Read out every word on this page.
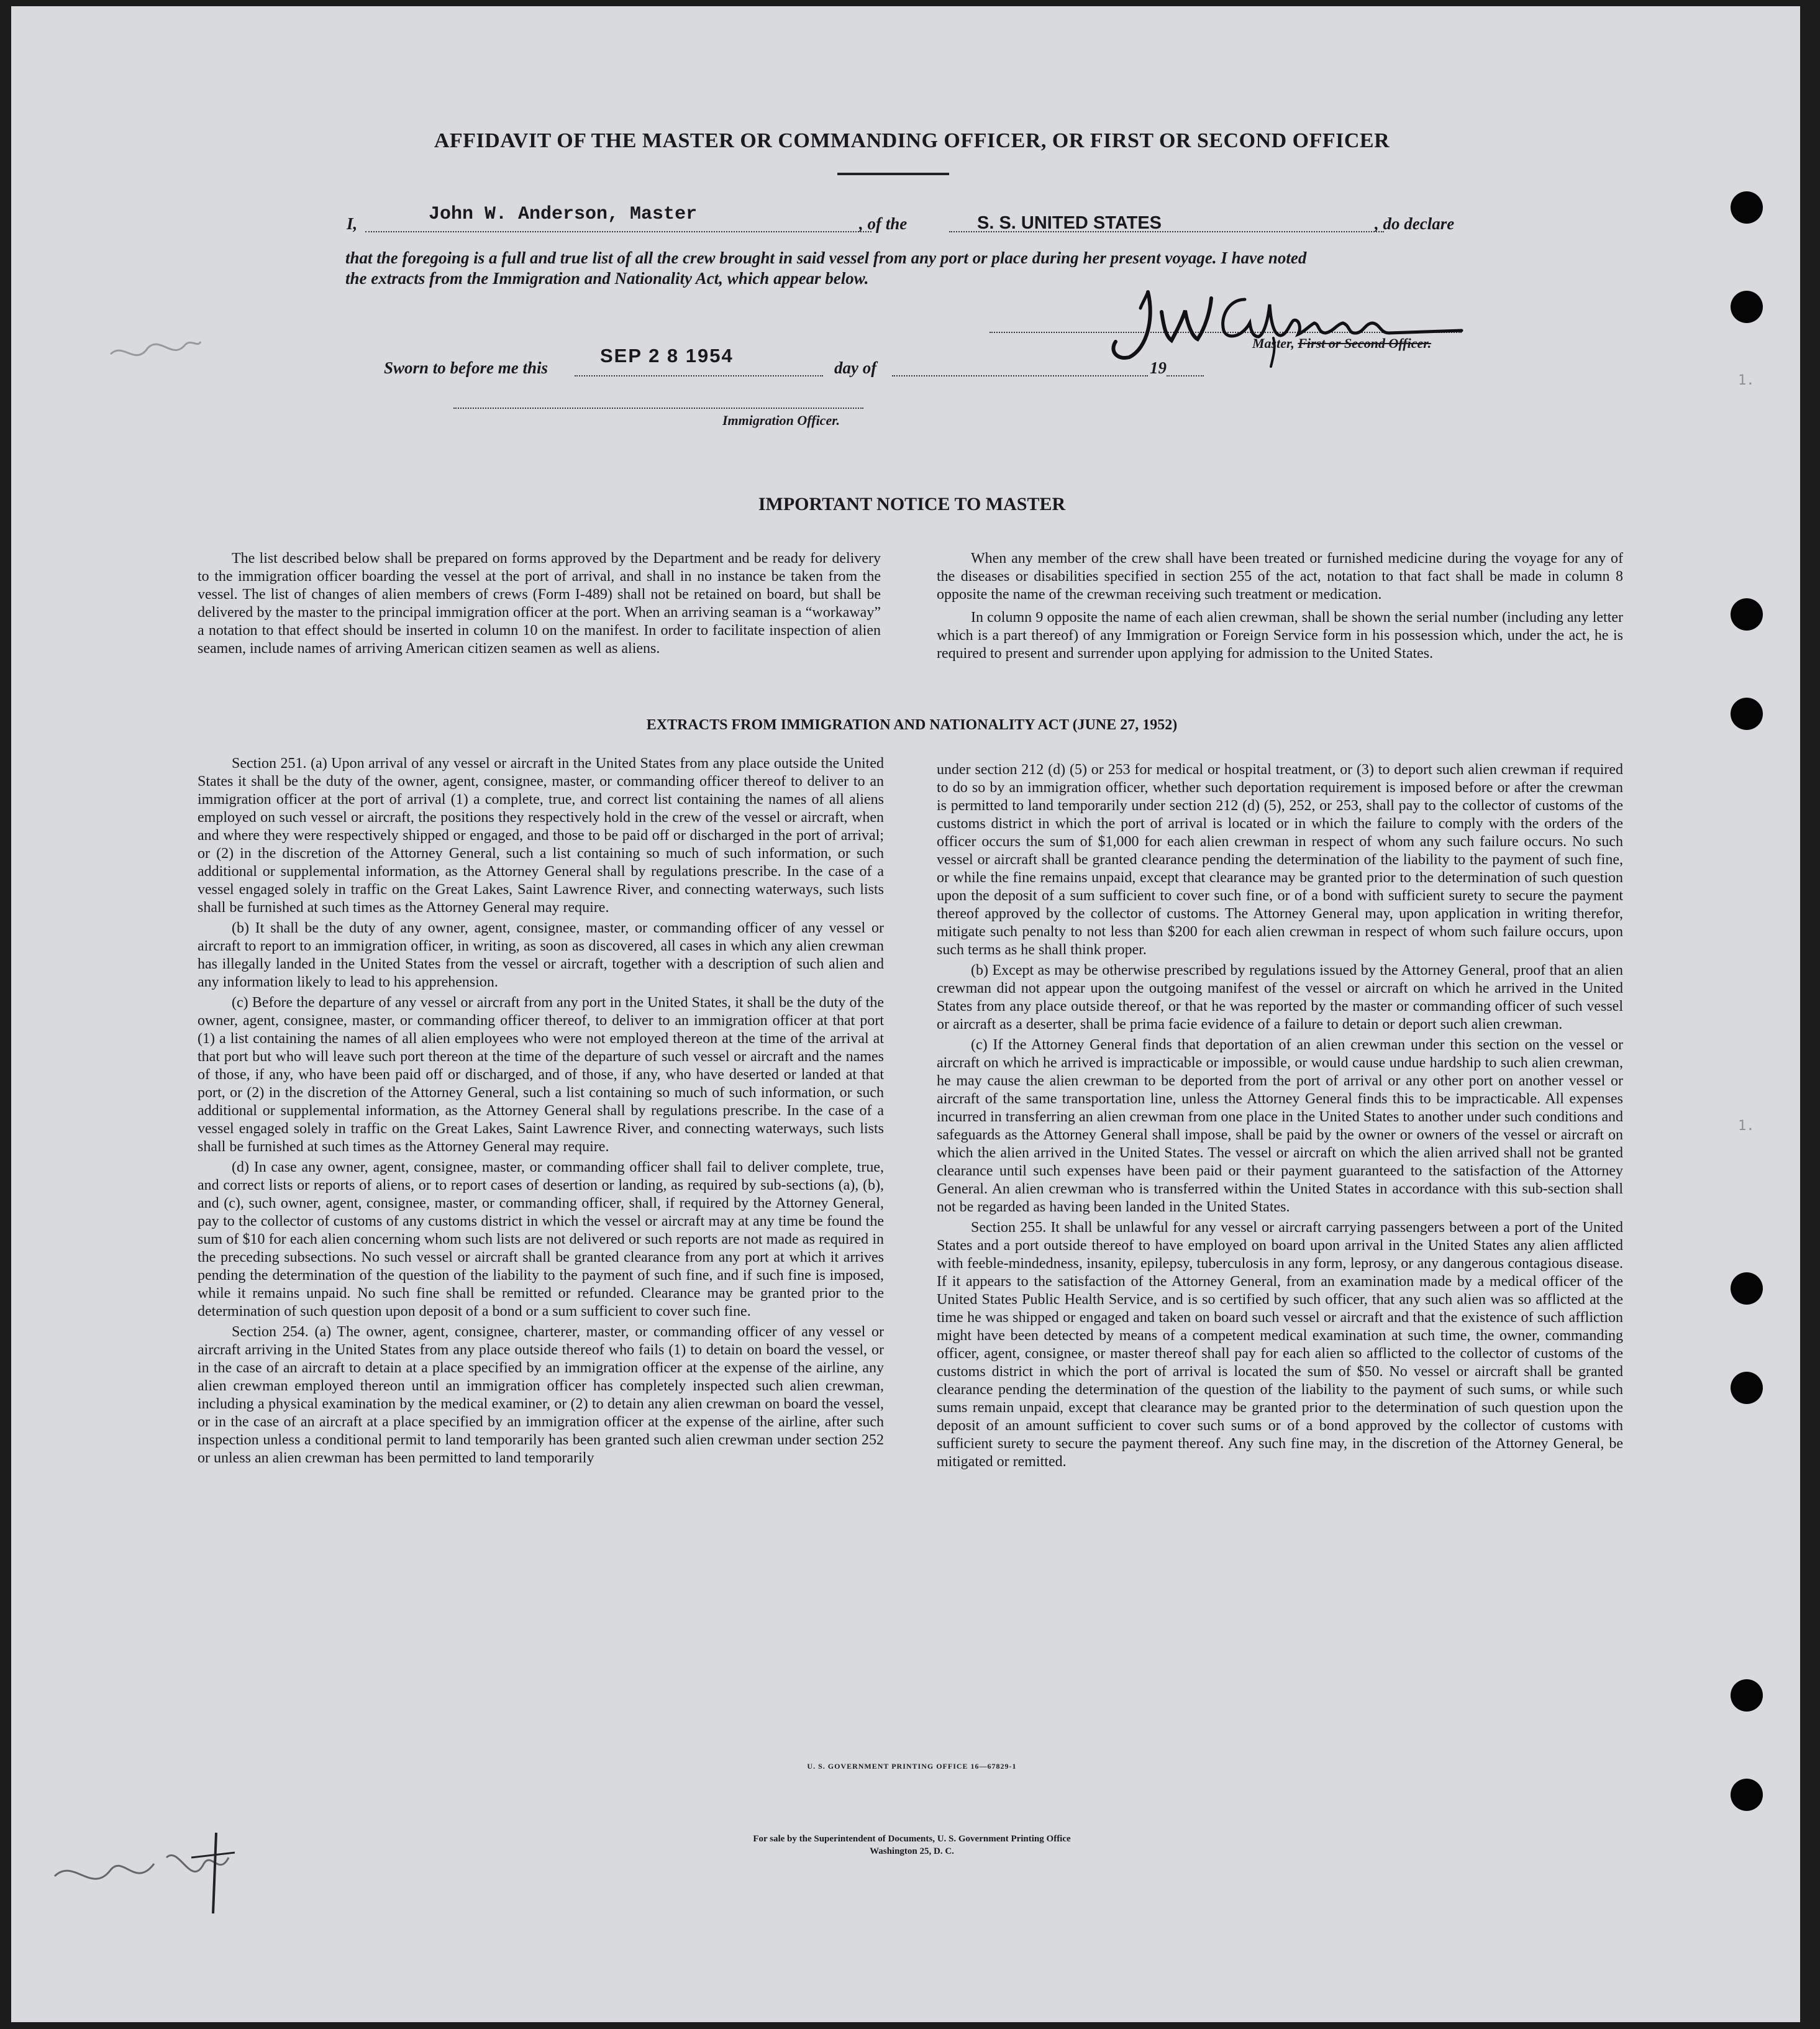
AFFIDAVIT OF THE MASTER OR COMMANDING OFFICER, OR FIRST OR SECOND OFFICER
I,	John W. Anderson, Master	, of the	S. S. UNITED STATES	, do declare
that the foregoing is a full and true list of all the crew brought in said vessel from any port or place during her present voyage. I have noted
the extracts from the Immigration and Nationality Act, which appear below.
Master, First or Second Officer.
Sworn to before me this
SEP 2 8 1954
day of	19
Immigration Officer.
IMPORTANT NOTICE TO MASTER

The list described below shall be prepared on forms approved by the Department and be ready for delivery to the immigration officer boarding the vessel at the port of arrival, and shall in no instance be taken from the vessel. The list of changes of alien members of crews (Form I-489) shall not be retained on board, but shall be delivered by the master to the principal immigration officer at the port. When an arriving seaman is a “workaway” a notation to that effect should be inserted in column 10 on the manifest. In order to facilitate inspection of alien seamen, include names of arriving American citizen seamen as well as aliens.

When any member of the crew shall have been treated or furnished medicine during the voyage for any of the diseases or disabilities specified in section 255 of the act, notation to that fact shall be made in column 8 opposite the name of the crewman receiving such treatment or medication.

In column 9 opposite the name of each alien crewman, shall be shown the serial number (including any letter which is a part thereof) of any Immigration or Foreign Service form in his possession which, under the act, he is required to present and surrender upon applying for admission to the United States.

EXTRACTS FROM IMMIGRATION AND NATIONALITY ACT (JUNE 27, 1952)

Section 251. (a) Upon arrival of any vessel or aircraft in the United States from any place outside the United States it shall be the duty of the owner, agent, consignee, master, or commanding officer thereof to deliver to an immigration officer at the port of arrival (1) a complete, true, and correct list containing the names of all aliens employed on such vessel or aircraft, the positions they respectively hold in the crew of the vessel or aircraft, when and where they were respectively shipped or engaged, and those to be paid off or discharged in the port of arrival; or (2) in the discretion of the Attorney General, such a list containing so much of such information, or such additional or supplemental information, as the Attorney General shall by regulations prescribe. In the case of a vessel engaged solely in traffic on the Great Lakes, Saint Lawrence River, and connecting waterways, such lists shall be furnished at such times as the Attorney General may require.

(b) It shall be the duty of any owner, agent, consignee, master, or commanding officer of any vessel or aircraft to report to an immigration officer, in writing, as soon as discovered, all cases in which any alien crewman has illegally landed in the United States from the vessel or aircraft, together with a description of such alien and any information likely to lead to his apprehension.

(c) Before the departure of any vessel or aircraft from any port in the United States, it shall be the duty of the owner, agent, consignee, master, or commanding officer thereof, to deliver to an immigration officer at that port (1) a list containing the names of all alien employees who were not employed thereon at the time of the arrival at that port but who will leave such port thereon at the time of the departure of such vessel or aircraft and the names of those, if any, who have been paid off or discharged, and of those, if any, who have deserted or landed at that port, or (2) in the discretion of the Attorney General, such a list containing so much of such information, or such additional or supplemental information, as the Attorney General shall by regulations prescribe. In the case of a vessel engaged solely in traffic on the Great Lakes, Saint Lawrence River, and connecting waterways, such lists shall be furnished at such times as the Attorney General may require.

(d) In case any owner, agent, consignee, master, or commanding officer shall fail to deliver complete, true, and correct lists or reports of aliens, or to report cases of desertion or landing, as required by sub-sections (a), (b), and (c), such owner, agent, consignee, master, or commanding officer, shall, if required by the Attorney General, pay to the collector of customs of any customs district in which the vessel or aircraft may at any time be found the sum of $10 for each alien concerning whom such lists are not delivered or such reports are not made as required in the preceding subsections. No such vessel or aircraft shall be granted clearance from any port at which it arrives pending the determination of the question of the liability to the payment of such fine, and if such fine is imposed, while it remains unpaid. No such fine shall be remitted or refunded. Clearance may be granted prior to the determination of such question upon deposit of a bond or a sum sufficient to cover such fine.

Section 254. (a) The owner, agent, consignee, charterer, master, or commanding officer of any vessel or aircraft arriving in the United States from any place outside thereof who fails (1) to detain on board the vessel, or in the case of an aircraft to detain at a place specified by an immigration officer at the expense of the airline, any alien crewman employed thereon until an immigration officer has completely inspected such alien crewman, including a physical examination by the medical examiner, or (2) to detain any alien crewman on board the vessel, or in the case of an aircraft at a place specified by an immigration officer at the expense of the airline, after such inspection unless a conditional permit to land temporarily has been granted such alien crewman under section 252 or unless an alien crewman has been permitted to land temporarily

under section 212 (d) (5) or 253 for medical or hospital treatment, or (3) to deport such alien crewman if required to do so by an immigration officer, whether such deportation requirement is imposed before or after the crewman is permitted to land temporarily under section 212 (d) (5), 252, or 253, shall pay to the collector of customs of the customs district in which the port of arrival is located or in which the failure to comply with the orders of the officer occurs the sum of $1,000 for each alien crewman in respect of whom any such failure occurs. No such vessel or aircraft shall be granted clearance pending the determination of the liability to the payment of such fine, or while the fine remains unpaid, except that clearance may be granted prior to the determination of such question upon the deposit of a sum sufficient to cover such fine, or of a bond with sufficient surety to secure the payment thereof approved by the collector of customs. The Attorney General may, upon application in writing therefor, mitigate such penalty to not less than $200 for each alien crewman in respect of whom such failure occurs, upon such terms as he shall think proper.

(b) Except as may be otherwise prescribed by regulations issued by the Attorney General, proof that an alien crewman did not appear upon the outgoing manifest of the vessel or aircraft on which he arrived in the United States from any place outside thereof, or that he was reported by the master or commanding officer of such vessel or aircraft as a deserter, shall be prima facie evidence of a failure to detain or deport such alien crewman.

(c) If the Attorney General finds that deportation of an alien crewman under this section on the vessel or aircraft on which he arrived is impracticable or impossible, or would cause undue hardship to such alien crewman, he may cause the alien crewman to be deported from the port of arrival or any other port on another vessel or aircraft of the same transportation line, unless the Attorney General finds this to be impracticable. All expenses incurred in transferring an alien crewman from one place in the United States to another under such conditions and safeguards as the Attorney General shall impose, shall be paid by the owner or owners of the vessel or aircraft on which the alien arrived in the United States. The vessel or aircraft on which the alien arrived shall not be granted clearance until such expenses have been paid or their payment guaranteed to the satisfaction of the Attorney General. An alien crewman who is transferred within the United States in accordance with this sub-section shall not be regarded as having been landed in the United States.

Section 255. It shall be unlawful for any vessel or aircraft carrying passengers between a port of the United States and a port outside thereof to have employed on board upon arrival in the United States any alien afflicted with feeble-mindedness, insanity, epilepsy, tuberculosis in any form, leprosy, or any dangerous contagious disease. If it appears to the satisfaction of the Attorney General, from an examination made by a medical officer of the United States Public Health Service, and is so certified by such officer, that any such alien was so afflicted at the time he was shipped or engaged and taken on board such vessel or aircraft and that the existence of such affliction might have been detected by means of a competent medical examination at such time, the owner, commanding officer, agent, consignee, or master thereof shall pay for each alien so afflicted to the collector of customs of the customs district in which the port of arrival is located the sum of $50. No vessel or aircraft shall be granted clearance pending the determination of the question of the liability to the payment of such sums, or while such sums remain unpaid, except that clearance may be granted prior to the determination of such question upon the deposit of an amount sufficient to cover such sums or of a bond approved by the collector of customs with sufficient surety to secure the payment thereof. Any such fine may, in the discretion of the Attorney General, be mitigated or remitted.

U. S. GOVERNMENT PRINTING OFFICE 16—67829-1
For sale by the Superintendent of Documents, U. S. Government Printing Office
Washington 25, D. C.
1.
1.
